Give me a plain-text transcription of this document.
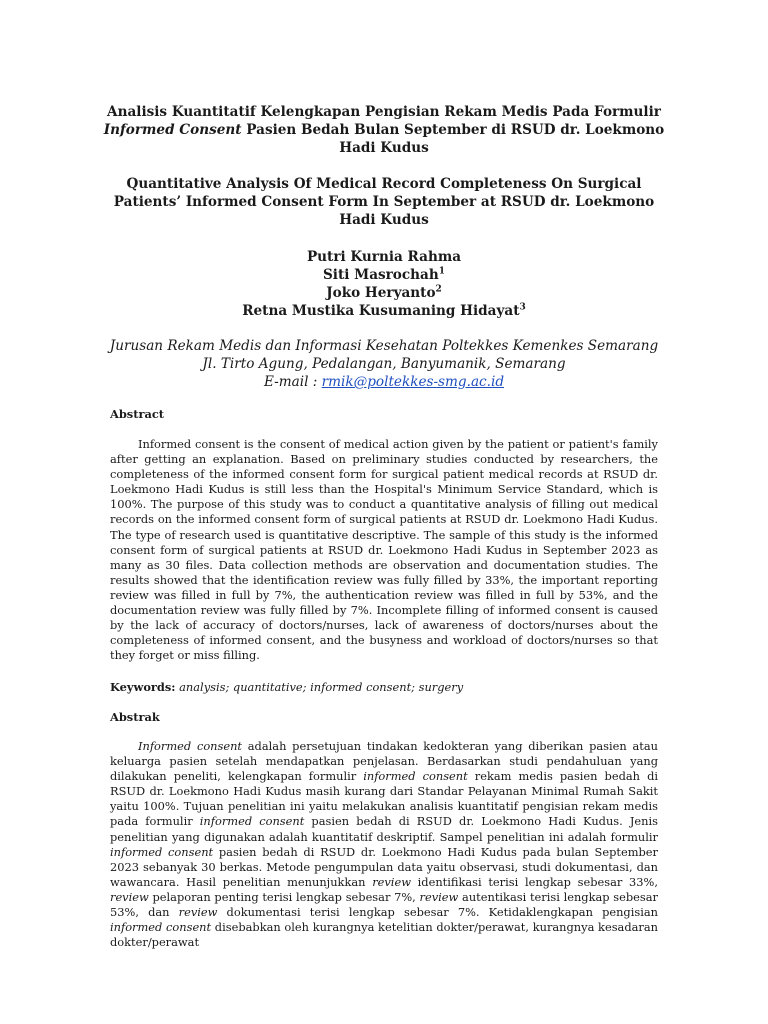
Analisis Kuantitatif Kelengkapan Pengisian Rekam Medis Pada Formulir
Informed Consent Pasien Bedah Bulan September di RSUD dr. Loekmono Hadi Kudus
Quantitative Analysis Of Medical Record Completeness On Surgical Patients’ Informed Consent Form In September at RSUD dr. Loekmono Hadi Kudus
Putri Kurnia Rahma
Siti Masrochah$^1$
Joko Heryanto$^2$
Retna Mustika Kusumaning Hidayat$^3$
Jurusan Rekam Medis dan Informasi Kesehatan Poltekkes Kemenkes Semarang
Jl. Tirto Agung, Pedalangan, Banyumanik, Semarang
E-mail : rmik@poltekkes-smg.ac.id
Abstract

Informed consent is the consent of medical action given by the patient or patient's family after getting an explanation. Based on preliminary studies conducted by researchers, the completeness of the informed consent form for surgical patient medical records at RSUD dr. Loekmono Hadi Kudus is still less than the Hospital's Minimum Service Standard, which is 100%. The purpose of this study was to conduct a quantitative analysis of filling out medical records on the informed consent form of surgical patients at RSUD dr. Loekmono Hadi Kudus. The type of research used is quantitative descriptive. The sample of this study is the informed consent form of surgical patients at RSUD dr. Loekmono Hadi Kudus in September 2023 as many as 30 files. Data collection methods are observation and documentation studies. The results showed that the identification review was fully filled by 33%, the important reporting review was filled in full by 7%, the authentication review was filled in full by 53%, and the documentation review was fully filled by 7%. Incomplete filling of informed consent is caused by the lack of accuracy of doctors/nurses, lack of awareness of doctors/nurses about the completeness of informed consent, and the busyness and workload of doctors/nurses so that they forget or miss filling.

Keywords: analysis; quantitative; informed consent; surgery
Abstrak

Informed consent adalah persetujuan tindakan kedokteran yang diberikan pasien atau keluarga pasien setelah mendapatkan penjelasan. Berdasarkan studi pendahuluan yang dilakukan peneliti, kelengkapan formulir informed consent rekam medis pasien bedah di RSUD dr. Loekmono Hadi Kudus masih kurang dari Standar Pelayanan Minimal Rumah Sakit yaitu 100%. Tujuan penelitian ini yaitu melakukan analisis kuantitatif pengisian rekam medis pada formulir informed consent pasien bedah di RSUD dr. Loekmono Hadi Kudus. Jenis penelitian yang digunakan adalah kuantitatif deskriptif. Sampel penelitian ini adalah formulir informed consent pasien bedah di RSUD dr. Loekmono Hadi Kudus pada bulan September 2023 sebanyak 30 berkas. Metode pengumpulan data yaitu observasi, studi dokumentasi, dan wawancara. Hasil penelitian menunjukkan review identifikasi terisi lengkap sebesar 33%, review pelaporan penting terisi lengkap sebesar 7%, review autentikasi terisi lengkap sebesar 53%, dan review dokumentasi terisi lengkap sebesar 7%. Ketidaklengkapan pengisian informed consent disebabkan oleh kurangnya ketelitian dokter/perawat, kurangnya kesadaran dokter/perawat
